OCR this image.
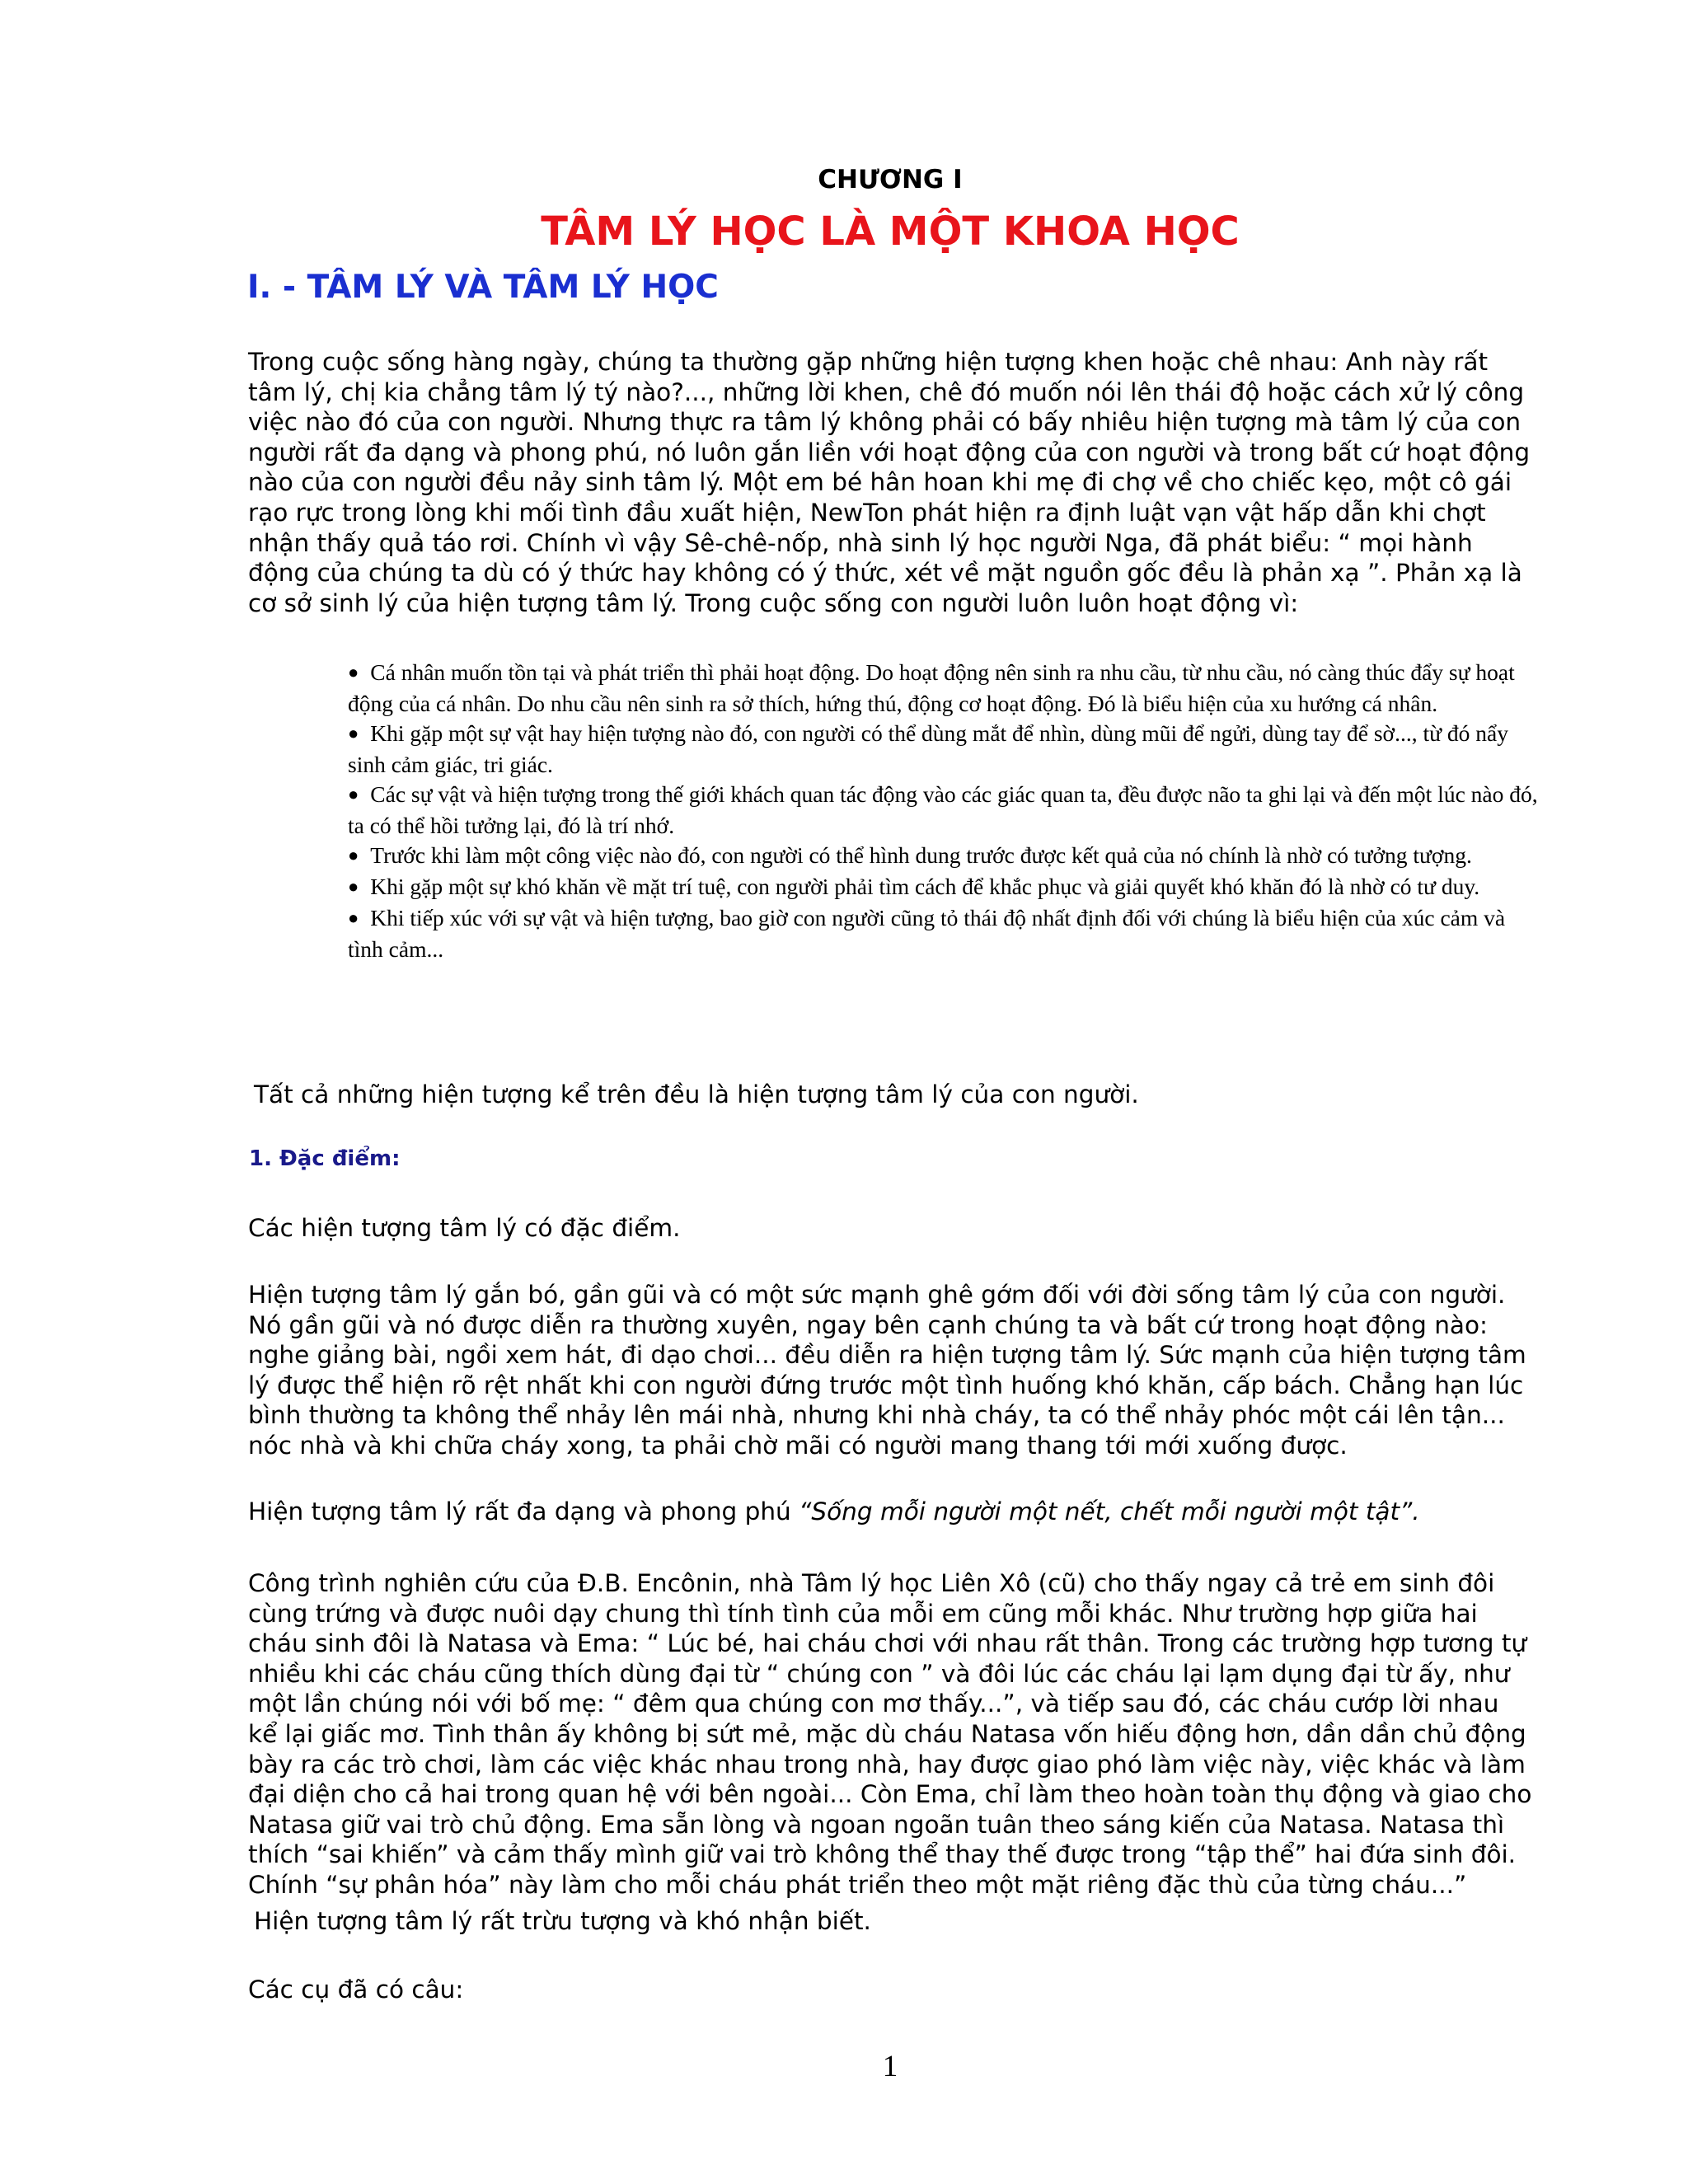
CHƯƠNG I

TÂM LÝ HỌC LÀ MỘT KHOA HỌC

I. - TÂM LÝ VÀ TÂM LÝ HỌC

Trong cuộc sống hàng ngày, chúng ta thường gặp những hiện tượng khen hoặc chê nhau: Anh này rất tâm lý, chị kia chẳng tâm lý tý nào?..., những lời khen, chê đó muốn nói lên thái độ hoặc cách xử lý công việc nào đó của con người. Nhưng thực ra tâm lý không phải có bấy nhiêu hiện tượng mà tâm lý của con người rất đa dạng và phong phú, nó luôn gắn liền với hoạt động của con người và trong bất cứ hoạt động nào của con người đều nảy sinh tâm lý. Một em bé hân hoan khi mẹ đi chợ về cho chiếc kẹo, một cô gái rạo rực trong lòng khi mối tình đầu xuất hiện, NewTon phát hiện ra định luật vạn vật hấp dẫn khi chợt nhận thấy quả táo rơi. Chính vì vậy Sê-chê-nốp, nhà sinh lý học người Nga, đã phát biểu: “ mọi hành động của chúng ta dù có ý thức hay không có ý thức, xét về mặt nguồn gốc đều là phản xạ ”. Phản xạ là cơ sở sinh lý của hiện tượng tâm lý. Trong cuộc sống con người luôn luôn hoạt động vì:

● Cá nhân muốn tồn tại và phát triển thì phải hoạt động. Do hoạt động nên sinh ra nhu cầu, từ nhu cầu, nó càng thúc đẩy sự hoạt động của cá nhân. Do nhu cầu nên sinh ra sở thích, hứng thú, động cơ hoạt động. Đó là biểu hiện của xu hướng cá nhân.
● Khi gặp một sự vật hay hiện tượng nào đó, con người có thể dùng mắt để nhìn, dùng mũi để ngửi, dùng tay để sờ..., từ đó nẩy sinh cảm giác, tri giác.
● Các sự vật và hiện tượng trong thế giới khách quan tác động vào các giác quan ta, đều được não ta ghi lại và đến một lúc nào đó, ta có thể hồi tưởng lại, đó là trí nhớ.
● Trước khi làm một công việc nào đó, con người có thể hình dung trước được kết quả của nó chính là nhờ có tưởng tượng.
● Khi gặp một sự khó khăn về mặt trí tuệ, con người phải tìm cách để khắc phục và giải quyết khó khăn đó là nhờ có tư duy.
● Khi tiếp xúc với sự vật và hiện tượng, bao giờ con người cũng tỏ thái độ nhất định đối với chúng là biểu hiện của xúc cảm và tình cảm...

Tất cả những hiện tượng kể trên đều là hiện tượng tâm lý của con người.

1. Đặc điểm:

Các hiện tượng tâm lý có đặc điểm.

Hiện tượng tâm lý gắn bó, gần gũi và có một sức mạnh ghê gớm đối với đời sống tâm lý của con người. Nó gần gũi và nó được diễn ra thường xuyên, ngay bên cạnh chúng ta và bất cứ trong hoạt động nào: nghe giảng bài, ngồi xem hát, đi dạo chơi... đều diễn ra hiện tượng tâm lý. Sức mạnh của hiện tượng tâm lý được thể hiện rõ rệt nhất khi con người đứng trước một tình huống khó khăn, cấp bách. Chẳng hạn lúc bình thường ta không thể nhảy lên mái nhà, nhưng khi nhà cháy, ta có thể nhảy phóc một cái lên tận... nóc nhà và khi chữa cháy xong, ta phải chờ mãi có người mang thang tới mới xuống được.

Hiện tượng tâm lý rất đa dạng và phong phú “Sống mỗi người một nết, chết mỗi người một tật”.

Công trình nghiên cứu của Đ.B. Encônin, nhà Tâm lý học Liên Xô (cũ) cho thấy ngay cả trẻ em sinh đôi cùng trứng và được nuôi dạy chung thì tính tình của mỗi em cũng mỗi khác. Như trường hợp giữa hai cháu sinh đôi là Natasa và Ema: “ Lúc bé, hai cháu chơi với nhau rất thân. Trong các trường hợp tương tự nhiều khi các cháu cũng thích dùng đại từ “ chúng con ” và đôi lúc các cháu lại lạm dụng đại từ ấy, như một lần chúng nói với bố mẹ: “ đêm qua chúng con mơ thấy...”, và tiếp sau đó, các cháu cướp lời nhau kể lại giấc mơ. Tình thân ấy không bị sứt mẻ, mặc dù cháu Natasa vốn hiếu động hơn, dần dần chủ động bày ra các trò chơi, làm các việc khác nhau trong nhà, hay được giao phó làm việc này, việc khác và làm đại diện cho cả hai trong quan hệ với bên ngoài... Còn Ema, chỉ làm theo hoàn toàn thụ động và giao cho Natasa giữ vai trò chủ động. Ema sẵn lòng và ngoan ngoãn tuân theo sáng kiến của Natasa. Natasa thì thích “sai khiến” và cảm thấy mình giữ vai trò không thể thay thế được trong “tập thể” hai đứa sinh đôi. Chính “sự phân hóa” này làm cho mỗi cháu phát triển theo một mặt riêng đặc thù của từng cháu...”

Hiện tượng tâm lý rất trừu tượng và khó nhận biết.

Các cụ đã có câu:

1
